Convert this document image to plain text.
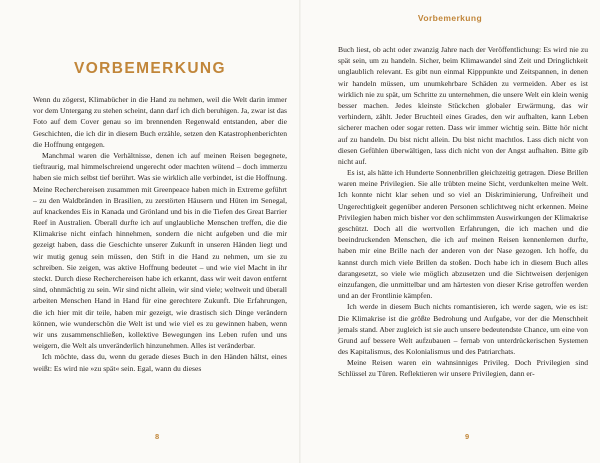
VORBEMERKUNG

Wenn du zögerst, Klimabücher in die Hand zu nehmen, weil die Welt darin immer vor dem Untergang zu stehen scheint, dann darf ich dich beruhigen. Ja, zwar ist das Foto auf dem Cover genau so im brennenden Regenwald entstanden, aber die Geschichten, die ich dir in diesem Buch erzähle, setzen den Katastrophenberichten die Hoffnung entgegen.

Manchmal waren die Verhältnisse, denen ich auf meinen Reisen begegnete, tieftraurig, mal himmelschreiend ungerecht oder machten wütend – doch immerzu haben sie mich selbst tief berührt. Was sie wirklich alle verbindet, ist die Hoffnung. Meine Recherchereisen zusammen mit Greenpeace haben mich in Extreme geführt – zu den Waldbränden in Brasilien, zu zerstörten Häusern und Hüten im Senegal, auf knackendes Eis in Kanada und Grönland und bis in die Tiefen des Great Barrier Reef in Australien. Überall durfte ich auf unglaubliche Menschen treffen, die die Klimakrise nicht einfach hinnehmen, sondern die nicht aufgeben und die mir gezeigt haben, dass die Geschichte unserer Zukunft in unseren Händen liegt und wir mutig genug sein müssen, den Stift in die Hand zu nehmen, um sie zu schreiben. Sie zeigen, was aktive Hoffnung bedeutet – und wie viel Macht in ihr steckt. Durch diese Recherchereisen habe ich erkannt, dass wir weit davon entfernt sind, ohnmächtig zu sein. Wir sind nicht allein, wir sind viele; weltweit und überall arbeiten Menschen Hand in Hand für eine gerechtere Zukunft. Die Erfahrungen, die ich hier mit dir teile, haben mir gezeigt, wie drastisch sich Dinge verändern können, wie wunderschön die Welt ist und wie viel es zu gewinnen haben, wenn wir uns zusammenschließen, kollektive Bewegungen ins Leben rufen und uns weigern, die Welt als unveränderlich hinzunehmen. Alles ist veränderbar.

Ich möchte, dass du, wenn du gerade dieses Buch in den Händen hältst, eines weißt: Es wird nie »zu spät« sein. Egal, wann du dieses

8
Vorbemerkung

Buch liest, ob acht oder zwanzig Jahre nach der Veröffentlichung: Es wird nie zu spät sein, um zu handeln. Sicher, beim Klimawandel sind Zeit und Dringlichkeit unglaublich relevant. Es gibt nun einmal Kipppunkte und Zeitspannen, in denen wir handeln müssen, um unumkehrbare Schäden zu vermeiden. Aber es ist wirklich nie zu spät, um Schritte zu unternehmen, die unsere Welt ein klein wenig besser machen. Jedes kleinste Stückchen globaler Erwärmung, das wir verhindern, zählt. Jeder Bruchteil eines Grades, den wir aufhalten, kann Leben sicherer machen oder sogar retten. Dass wir immer wichtig sein. Bitte hör nicht auf zu handeln. Du bist nicht allein. Du bist nicht machtlos. Lass dich nicht von diesen Gefühlen überwältigen, lass dich nicht von der Angst aufhalten. Bitte gib nicht auf.

Es ist, als hätte ich Hunderte Sonnenbrillen gleichzeitig getragen. Diese Brillen waren meine Privilegien. Sie alle trübten meine Sicht, verdunkelten meine Welt. Ich konnte nicht klar sehen und so viel an Diskriminierung, Unfreiheit und Ungerechtigkeit gegenüber anderen Personen schlichtweg nicht erkennen. Meine Privilegien haben mich bisher vor den schlimmsten Auswirkungen der Klimakrise geschützt. Doch all die wertvollen Erfahrungen, die ich machen und die beeindruckenden Menschen, die ich auf meinen Reisen kennenlernen durfte, haben mir eine Brille nach der anderen von der Nase gezogen. Ich hoffe, du kannst durch mich viele Brillen da stoßen. Doch habe ich in diesem Buch alles darangesetzt, so viele wie möglich abzusetzen und die Sichtweisen derjenigen einzufangen, die unmittelbar und am härtesten von dieser Krise getroffen werden und an der Frontlinie kämpfen.

Ich werde in diesem Buch nichts romantisieren, ich werde sagen, wie es ist: Die Klimakrise ist die größte Bedrohung und Aufgabe, vor der die Menschheit jemals stand. Aber zugleich ist sie auch unsere bedeutendste Chance, um eine von Grund auf bessere Welt aufzubauen – fernab von unterdrückerischen Systemen des Kapitalismus, des Kolonialismus und des Patriarchats.

Meine Reisen waren ein wahnsinniges Privileg. Doch Privilegien sind Schlüssel zu Türen. Reflektieren wir unsere Privilegien, dann er-

9
